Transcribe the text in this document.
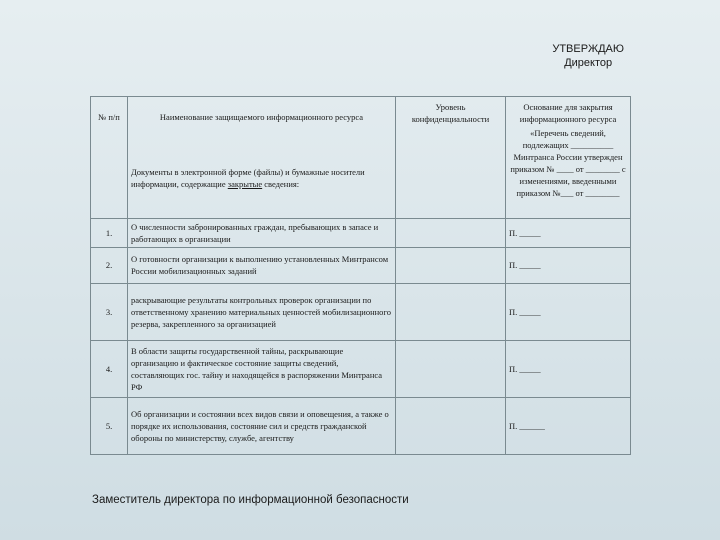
УТВЕРЖДАЮ
Директор
№ п/п	Наименование защищаемого информационного ресурса	Уровень конфиденциальности	Основание для закрытия информационного ресурса
	Документы в электронной форме (файлы) и бумажные носители информации, содержащие закрытые сведения:		«Перечень сведений, подлежащих __________ Минтранса России утвержден приказом № ____ от ________ с изменениями, введенными приказом №___ от ________
1.	О численности забронированных граждан, пребывающих в запасе и работающих в организации		П. _____
2.	О готовности организации к выполнению установленных Минтрансом России мобилизационных заданий		П. _____
3.	раскрывающие результаты контрольных проверок организации по ответственному хранению материальных ценностей мобилизационного резерва, закрепленного за организацией		П. _____
4.	В области защиты государственной тайны, раскрывающие организацию и фактическое состояние защиты сведений, составляющих гос. тайну и находящейся в распоряжении Минтранса РФ		П. _____
5.	Об организации и состоянии всех видов связи и оповещения, а также о порядке их использования, состояние сил и средств гражданской обороны по министерству, службе, агентству		П. ______
Заместитель директора по информационной безопасности
